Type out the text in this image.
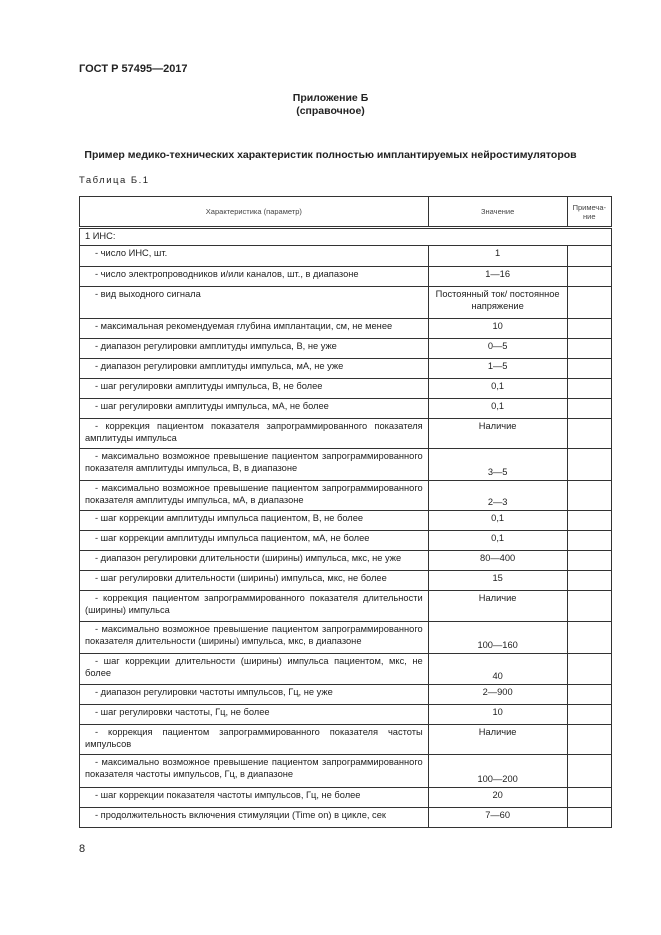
ГОСТ Р 57495—2017
Приложение Б
(справочное)
Пример медико-технических характеристик полностью имплантируемых нейростимуляторов
Таблица Б.1
Характеристика (параметр)	Значение	Примеча-ние
1 ИНС:		
- число ИНС, шт.	1	
- число электропроводников и/или каналов, шт., в диапазоне	1—16	
- вид выходного сигнала	Постоянный ток/ постоянное напряжение	
- максимальная рекомендуемая глубина имплантации, см, не менее	10	
- диапазон регулировки амплитуды импульса, В, не уже	0—5	
- диапазон регулировки амплитуды импульса, мА, не уже	1—5	
- шаг регулировки амплитуды импульса, В, не более	0,1	
- шаг регулировки амплитуды импульса, мА, не более	0,1	
- коррекция пациентом показателя запрограммированного показателя амплитуды импульса	Наличие	
- максимально возможное превышение пациентом запрограммированного показателя амплитуды импульса, В, в диапазоне	3—5	
- максимально возможное превышение пациентом запрограммированного показателя амплитуды импульса, мА, в диапазоне	2—3	
- шаг коррекции амплитуды импульса пациентом, В, не более	0,1	
- шаг коррекции амплитуды импульса пациентом, мА, не более	0,1	
- диапазон регулировки длительности (ширины) импульса, мкс, не уже	80—400	
- шаг регулировки длительности (ширины) импульса, мкс, не более	15	
- коррекция пациентом запрограммированного показателя длительности (ширины) импульса	Наличие	
- максимально возможное превышение пациентом запрограммированного показателя длительности (ширины) импульса, мкс, в диапазоне	100—160	
- шаг коррекции длительности (ширины) импульса пациентом, мкс, не более	40	
- диапазон регулировки частоты импульсов, Гц, не уже	2—900	
- шаг регулировки частоты, Гц, не более	10	
- коррекция пациентом запрограммированного показателя частоты импульсов	Наличие	
- максимально возможное превышение пациентом запрограммированного показателя частоты импульсов, Гц, в диапазоне	100—200	
- шаг коррекции показателя частоты импульсов, Гц, не более	20	
- продолжительность включения стимуляции (Time on) в цикле, сек	7—60	
8
